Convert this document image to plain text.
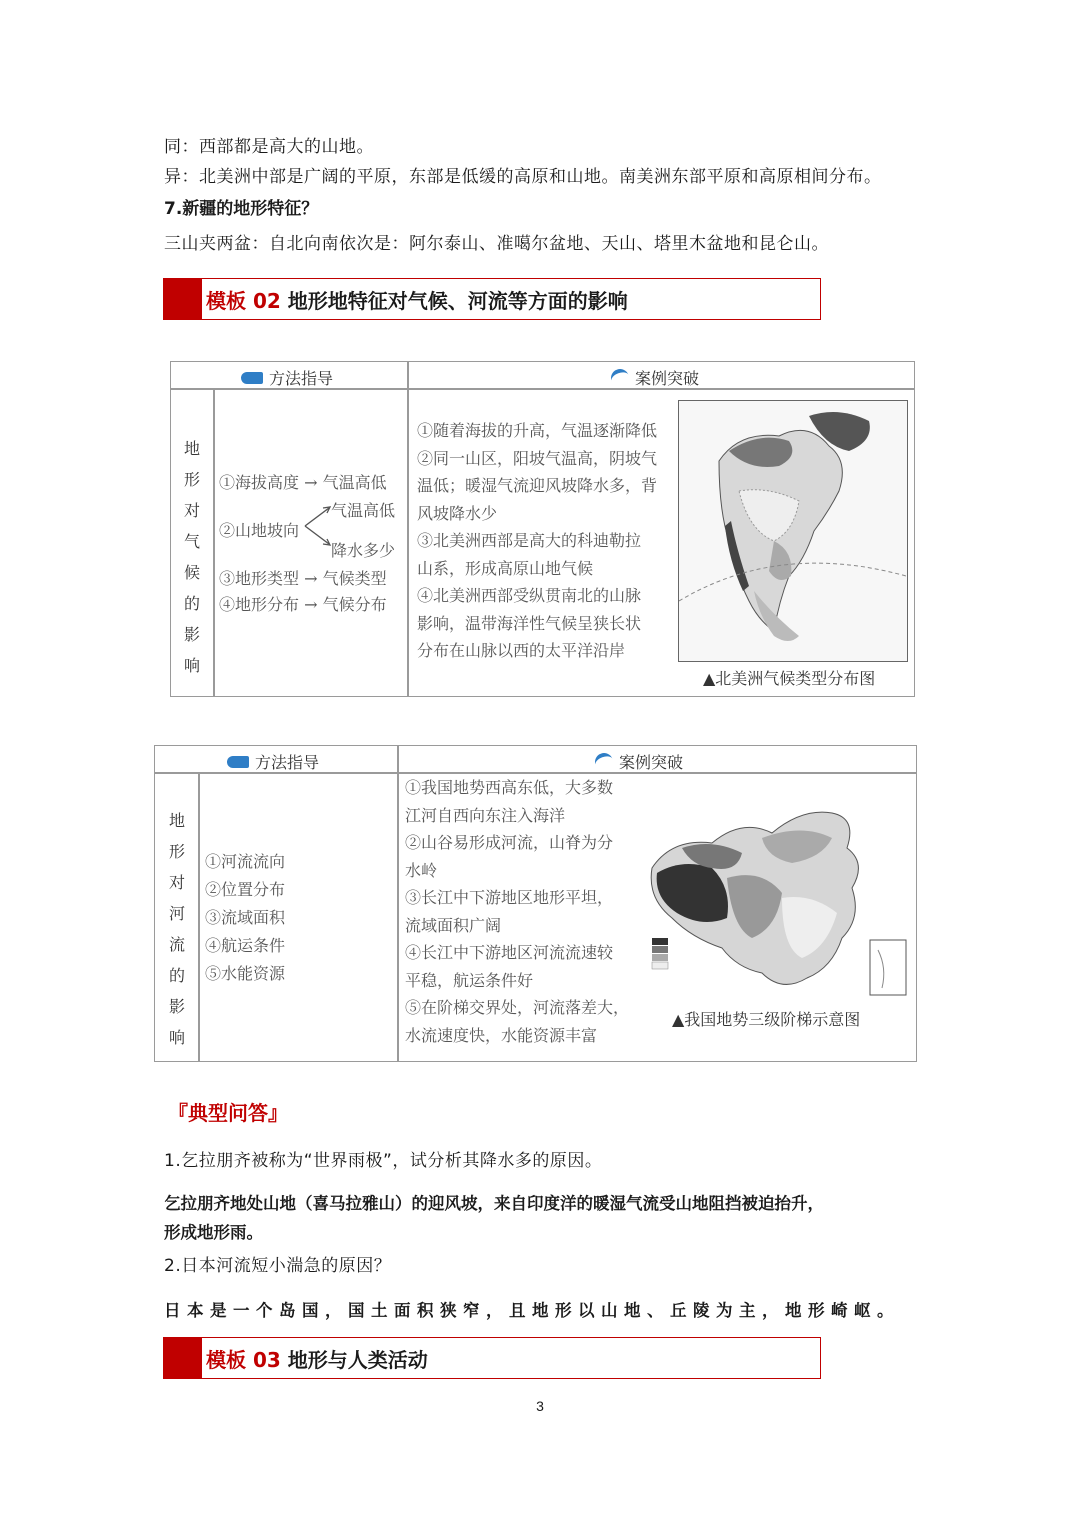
同：西部都是高大的山地。
异：北美洲中部是广阔的平原，东部是低缓的高原和山地。南美洲东部平原和高原相间分布。
7.新疆的地形特征？
三山夹两盆：自北向南依次是：阿尔泰山、准噶尔盆地、天山、塔里木盆地和昆仑山。
模板 02 地形地特征对气候、河流等方面的影响
方法指导	案例突破
地
形
对
气
候
的
影
响
①海拔高度 → 气温高低
②山地坡向
气温高低
降水多少
③地形类型 → 气候类型
④地形分布 → 气候分布
①随着海拔的升高，气温逐渐降低
②同一山区，阳坡气温高，阴坡气
温低；暖湿气流迎风坡降水多，背
风坡降水少
③北美洲西部是高大的科迪勒拉
山系，形成高原山地气候
④北美洲西部受纵贯南北的山脉
影响，温带海洋性气候呈狭长状
分布在山脉以西的太平洋沿岸
▲北美洲气候类型分布图
方法指导	案例突破
地
形
对
河
流
的
影
响
①河流流向
②位置分布
③流域面积
④航运条件
⑤水能资源
①我国地势西高东低，大多数
江河自西向东注入海洋
②山谷易形成河流，山脊为分
水岭
③长江中下游地区地形平坦，
流域面积广阔
④长江中下游地区河流流速较
平稳，航运条件好
⑤在阶梯交界处，河流落差大，
水流速度快，水能资源丰富
▲我国地势三级阶梯示意图
『典型问答』
1.乞拉朋齐被称为“世界雨极”，试分析其降水多的原因。
乞拉朋齐地处山地（喜马拉雅山）的迎风坡，来自印度洋的暖湿气流受山地阻挡被迫抬升，
形成地形雨。
2.日本河流短小湍急的原因？
日本是一个岛国，国土面积狭窄，且地形以山地、丘陵为主，地形崎岖。
模板 03 地形与人类活动
3
